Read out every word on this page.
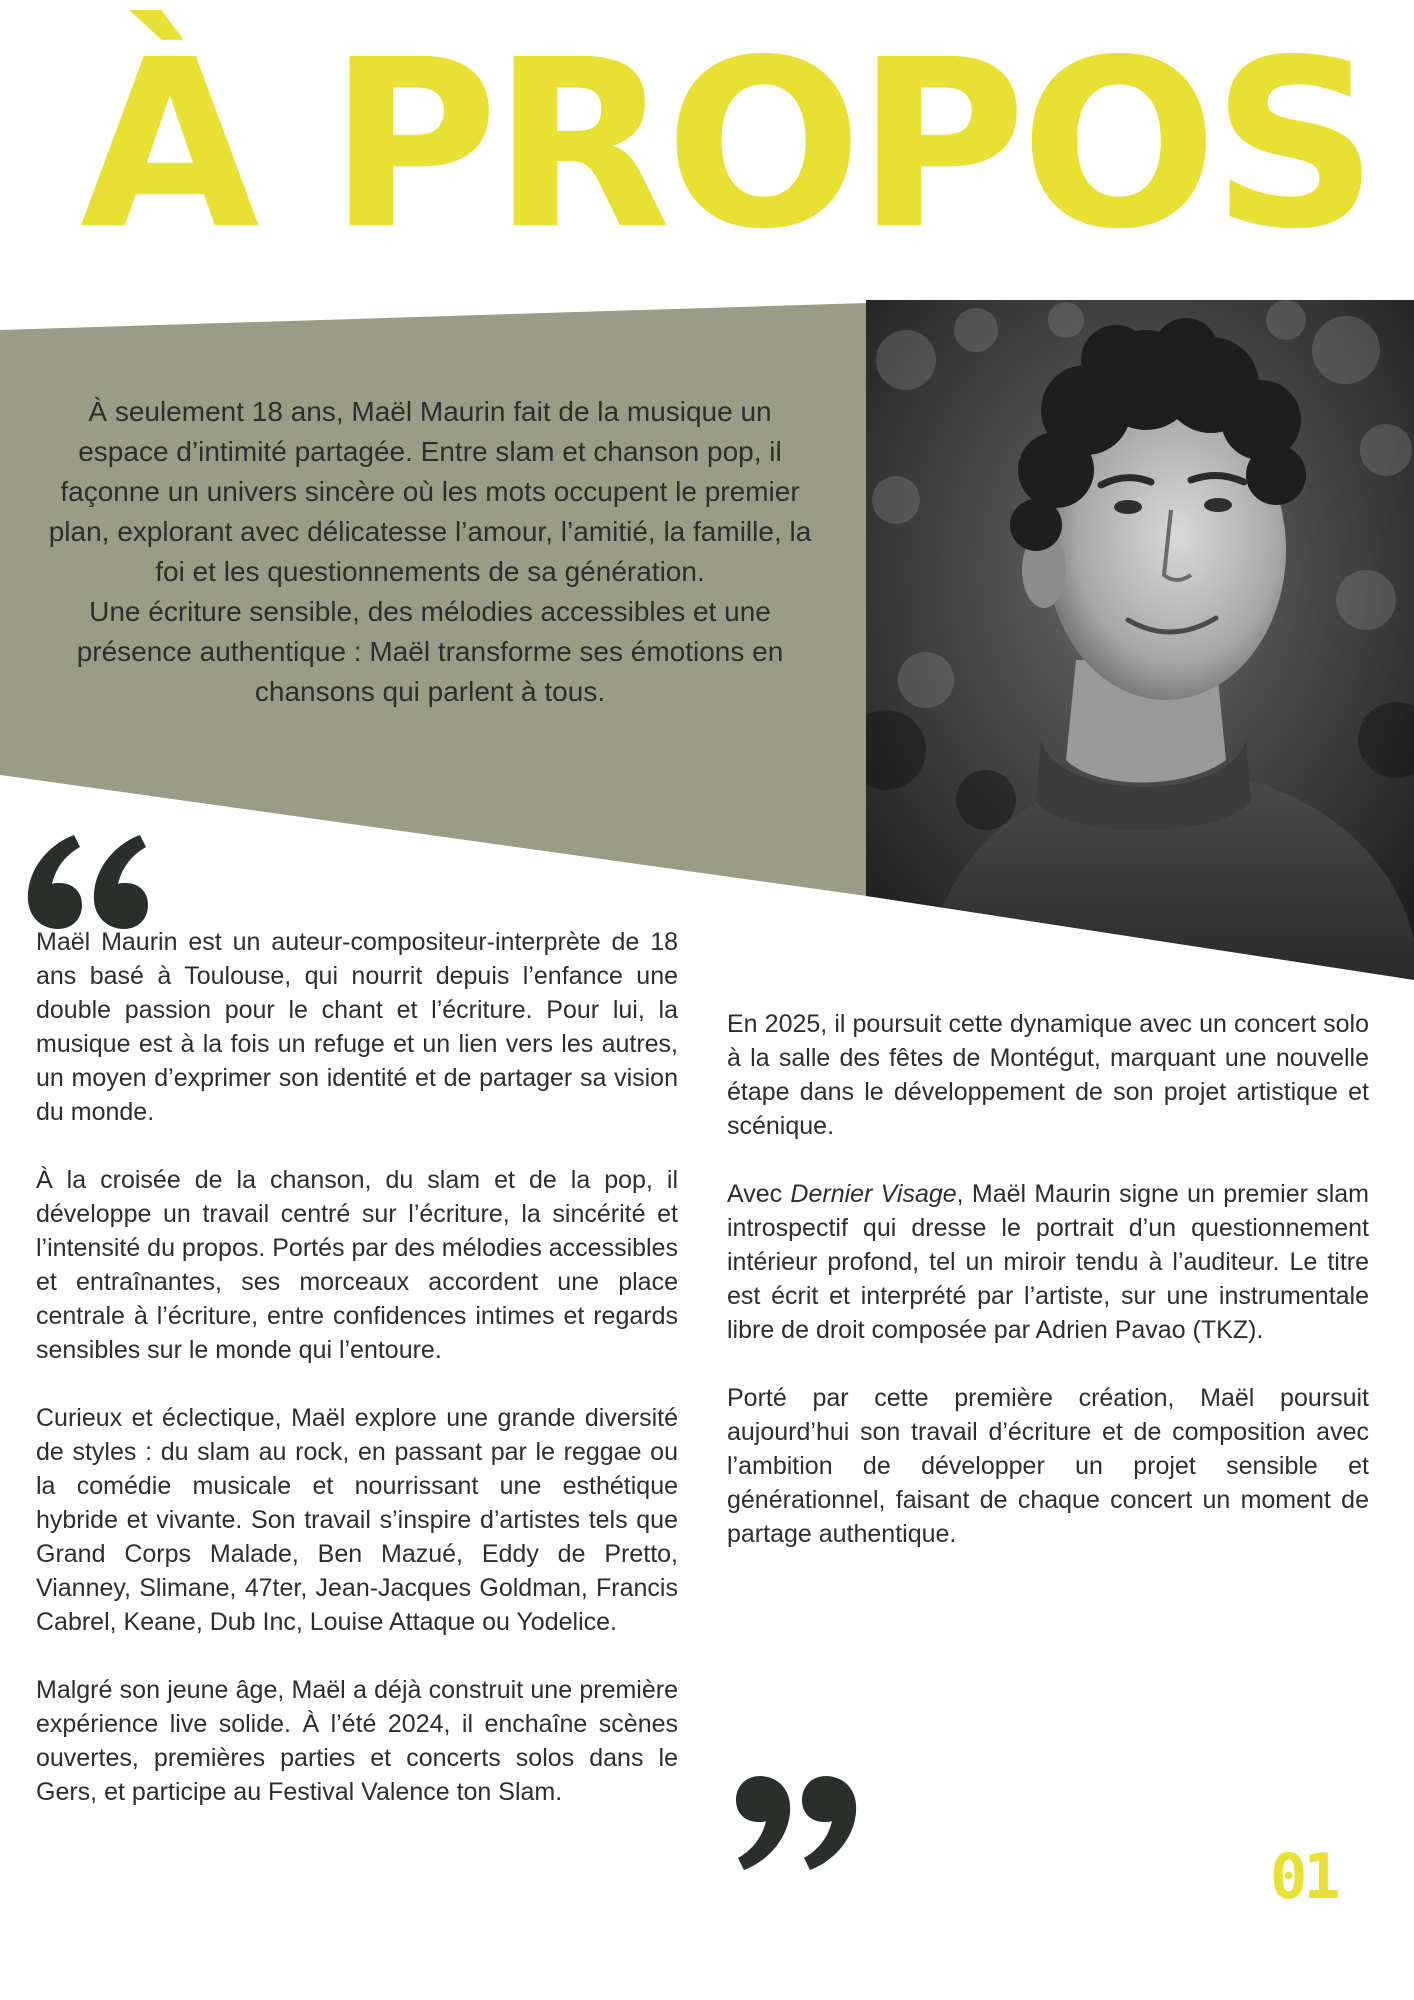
À PROPOS

À seulement 18 ans, Maël Maurin fait de la musique un espace d’intimité partagée. Entre slam et chanson pop, il façonne un univers sincère où les mots occupent le premier plan, explorant avec délicatesse l’amour, l’amitié, la famille, la foi et les questionnements de sa génération.

Une écriture sensible, des mélodies accessibles et une présence authentique : Maël transforme ses émotions en chansons qui parlent à tous.

Maël Maurin est un auteur-compositeur-interprète de 18 ans basé à Toulouse, qui nourrit depuis l’enfance une double passion pour le chant et l’écriture. Pour lui, la musique est à la fois un refuge et un lien vers les autres, un moyen d’exprimer son identité et de partager sa vision du monde.

À la croisée de la chanson, du slam et de la pop, il développe un travail centré sur l’écriture, la sincérité et l’intensité du propos. Portés par des mélodies accessibles et entraînantes, ses morceaux accordent une place centrale à l’écriture, entre confidences intimes et regards sensibles sur le monde qui l’entoure.

Curieux et éclectique, Maël explore une grande diversité de styles : du slam au rock, en passant par le reggae ou la comédie musicale et nourrissant une esthétique hybride et vivante. Son travail s’inspire d’artistes tels que Grand Corps Malade, Ben Mazué, Eddy de Pretto, Vianney, Slimane, 47ter, Jean-Jacques Goldman, Francis Cabrel, Keane, Dub Inc, Louise Attaque ou Yodelice.

Malgré son jeune âge, Maël a déjà construit une première expérience live solide. À l’été 2024, il enchaîne scènes ouvertes, premières parties et concerts solos dans le Gers, et participe au Festival Valence ton Slam.

En 2025, il poursuit cette dynamique avec un concert solo à la salle des fêtes de Montégut, marquant une nouvelle étape dans le développement de son projet artistique et scénique.

Avec Dernier Visage, Maël Maurin signe un premier slam introspectif qui dresse le portrait d’un questionnement intérieur profond, tel un miroir tendu à l’auditeur. Le titre est écrit et interprété par l’artiste, sur une instrumentale libre de droit composée par Adrien Pavao (TKZ).

Porté par cette première création, Maël poursuit aujourd’hui son travail d’écriture et de composition avec l’ambition de développer un projet sensible et générationnel, faisant de chaque concert un moment de partage authentique.

01
